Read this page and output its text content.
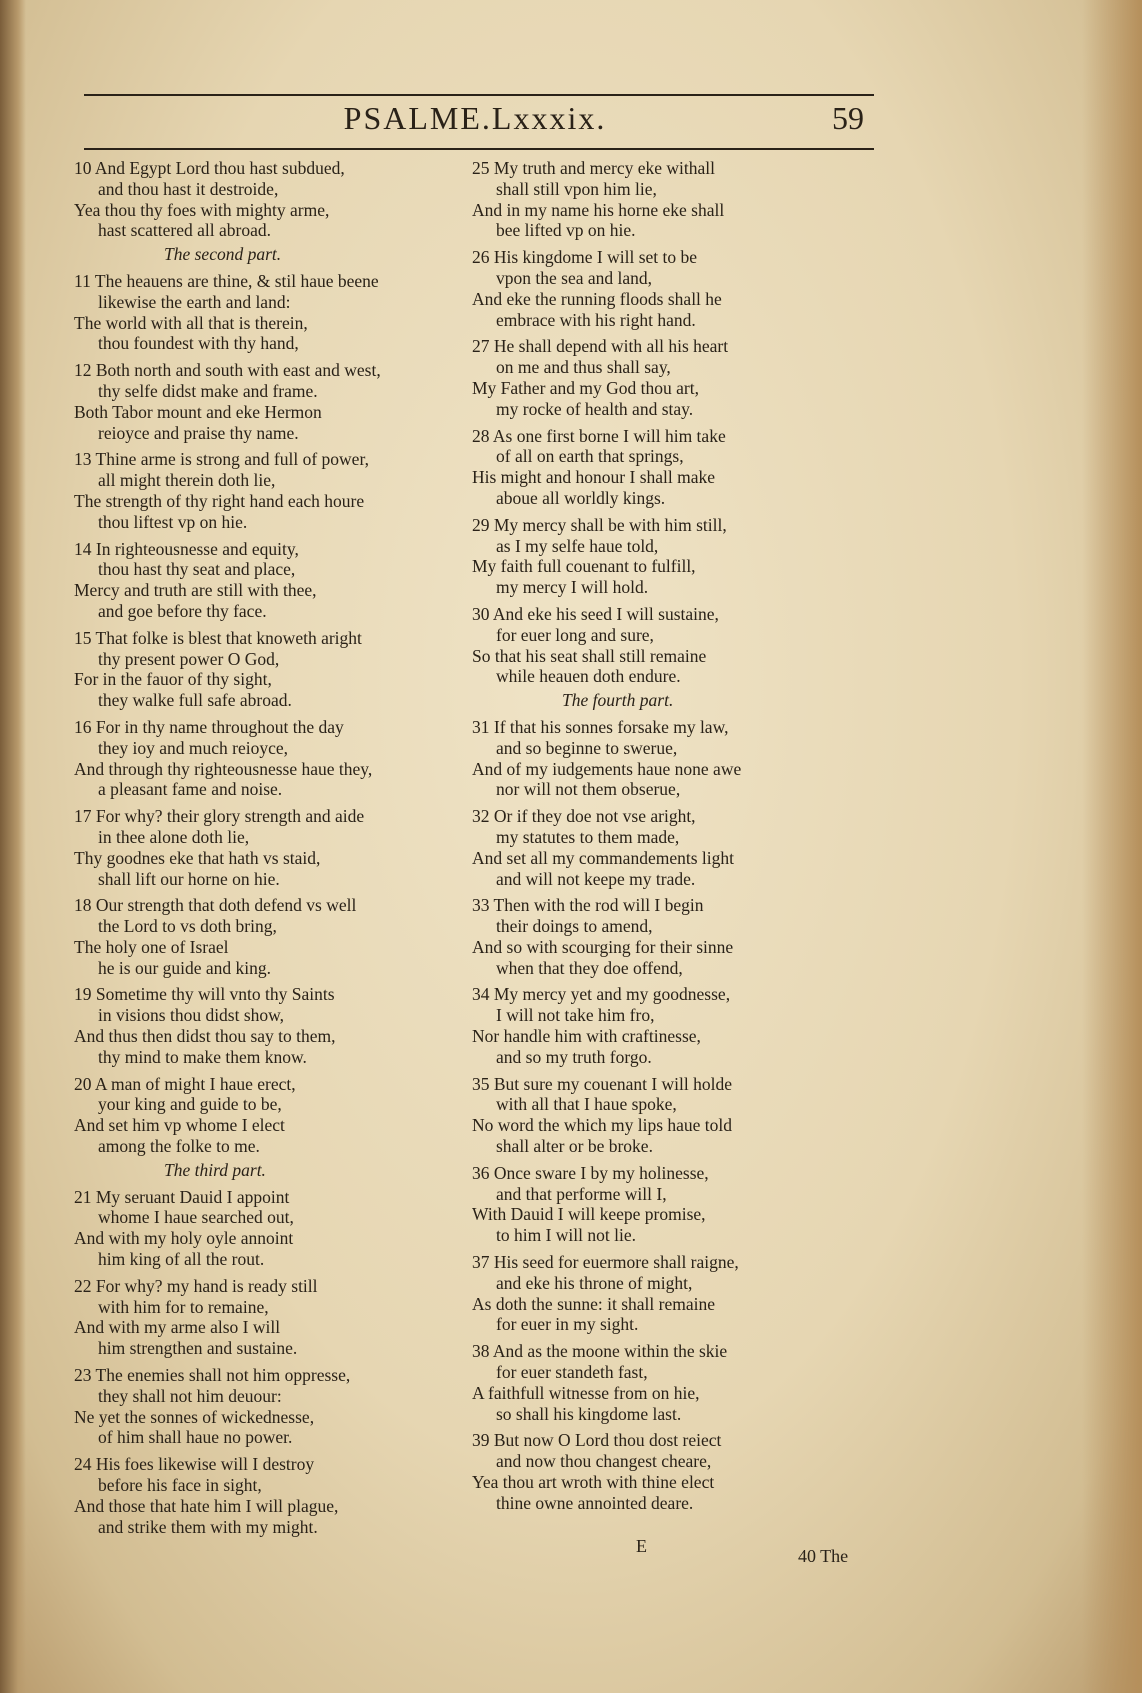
PSALME.Lxxxix.	59
10 And Egypt Lord thou hast subdued,
and thou hast it destroide,
Yea thou thy foes with mighty arme,
hast scattered all abroad.
The second part.
11 The heauens are thine, & stil haue beene
likewise the earth and land:
The world with all that is therein,
thou foundest with thy hand,
12 Both north and south with east and west,
thy selfe didst make and frame.
Both Tabor mount and eke Hermon
reioyce and praise thy name.
13 Thine arme is strong and full of power,
all might therein doth lie,
The strength of thy right hand each houre
thou liftest vp on hie.
14 In righteousnesse and equity,
thou hast thy seat and place,
Mercy and truth are still with thee,
and goe before thy face.
15 That folke is blest that knoweth aright
thy present power O God,
For in the fauor of thy sight,
they walke full safe abroad.
16 For in thy name throughout the day
they ioy and much reioyce,
And through thy righteousnesse haue they,
a pleasant fame and noise.
17 For why? their glory strength and aide
in thee alone doth lie,
Thy goodnes eke that hath vs staid,
shall lift our horne on hie.
18 Our strength that doth defend vs well
the Lord to vs doth bring,
The holy one of Israel
he is our guide and king.
19 Sometime thy will vnto thy Saints
in visions thou didst show,
And thus then didst thou say to them,
thy mind to make them know.
20 A man of might I haue erect,
your king and guide to be,
And set him vp whome I elect
among the folke to me.
The third part.
21 My seruant Dauid I appoint
whome I haue searched out,
And with my holy oyle annoint
him king of all the rout.
22 For why? my hand is ready still
with him for to remaine,
And with my arme also I will
him strengthen and sustaine.
23 The enemies shall not him oppresse,
they shall not him deuour:
Ne yet the sonnes of wickednesse,
of him shall haue no power.
24 His foes likewise will I destroy
before his face in sight,
And those that hate him I will plague,
and strike them with my might.
25 My truth and mercy eke withall
shall still vpon him lie,
And in my name his horne eke shall
bee lifted vp on hie.
26 His kingdome I will set to be
vpon the sea and land,
And eke the running floods shall he
embrace with his right hand.
27 He shall depend with all his heart
on me and thus shall say,
My Father and my God thou art,
my rocke of health and stay.
28 As one first borne I will him take
of all on earth that springs,
His might and honour I shall make
aboue all worldly kings.
29 My mercy shall be with him still,
as I my selfe haue told,
My faith full couenant to fulfill,
my mercy I will hold.
30 And eke his seed I will sustaine,
for euer long and sure,
So that his seat shall still remaine
while heauen doth endure.
The fourth part.
31 If that his sonnes forsake my law,
and so beginne to swerue,
And of my iudgements haue none awe
nor will not them obserue,
32 Or if they doe not vse aright,
my statutes to them made,
And set all my commandements light
and will not keepe my trade.
33 Then with the rod will I begin
their doings to amend,
And so with scourging for their sinne
when that they doe offend,
34 My mercy yet and my goodnesse,
I will not take him fro,
Nor handle him with craftinesse,
and so my truth forgo.
35 But sure my couenant I will holde
with all that I haue spoke,
No word the which my lips haue told
shall alter or be broke.
36 Once sware I by my holinesse,
and that performe will I,
With Dauid I will keepe promise,
to him I will not lie.
37 His seed for euermore shall raigne,
and eke his throne of might,
As doth the sunne: it shall remaine
for euer in my sight.
38 And as the moone within the skie
for euer standeth fast,
A faithfull witnesse from on hie,
so shall his kingdome last.
39 But now O Lord thou dost reiect
and now thou changest cheare,
Yea thou art wroth with thine elect
thine owne annointed deare.
E	40 The
